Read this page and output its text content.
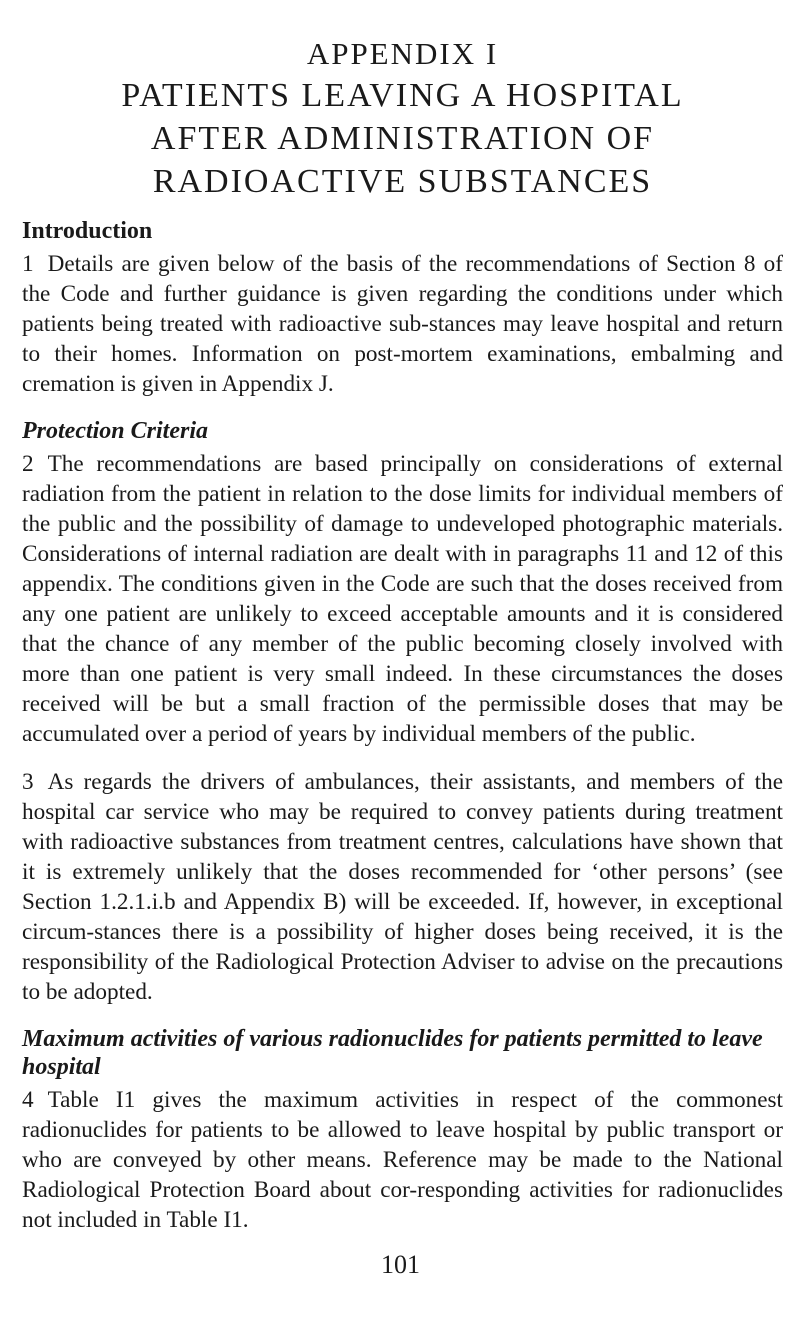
APPENDIX I
PATIENTS LEAVING A HOSPITAL
AFTER ADMINISTRATION OF
RADIOACTIVE SUBSTANCES
Introduction

1 Details are given below of the basis of the recommendations of Section 8 of the Code and further guidance is given regarding the conditions under which patients being treated with radioactive sub-stances may leave hospital and return to their homes. Information on post-mortem examinations, embalming and cremation is given in Appendix J.

Protection Criteria

2 The recommendations are based principally on considerations of external radiation from the patient in relation to the dose limits for individual members of the public and the possibility of damage to undeveloped photographic materials. Considerations of internal radiation are dealt with in paragraphs 11 and 12 of this appendix. The conditions given in the Code are such that the doses received from any one patient are unlikely to exceed acceptable amounts and it is considered that the chance of any member of the public becoming closely involved with more than one patient is very small indeed. In these circumstances the doses received will be but a small fraction of the permissible doses that may be accumulated over a period of years by individual members of the public.

3 As regards the drivers of ambulances, their assistants, and members of the hospital car service who may be required to convey patients during treatment with radioactive substances from treatment centres, calculations have shown that it is extremely unlikely that the doses recommended for ‘other persons’ (see Section 1.2.1.i.b and Appendix B) will be exceeded. If, however, in exceptional circum-stances there is a possibility of higher doses being received, it is the responsibility of the Radiological Protection Adviser to advise on the precautions to be adopted.

Maximum activities of various radionuclides for patients permitted to leave hospital

4 Table I1 gives the maximum activities in respect of the commonest radionuclides for patients to be allowed to leave hospital by public transport or who are conveyed by other means. Reference may be made to the National Radiological Protection Board about cor-responding activities for radionuclides not included in Table I1.

101
